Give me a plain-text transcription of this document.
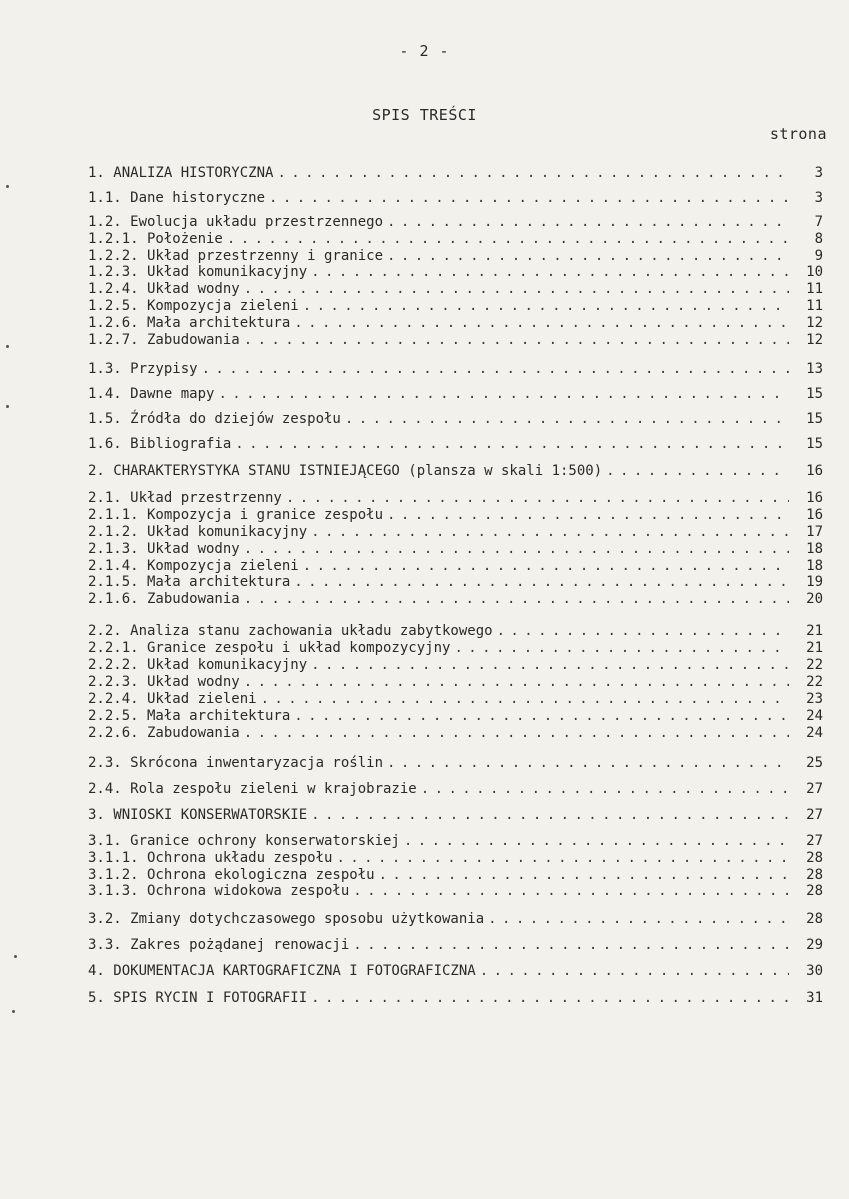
- 2 -
SPIS TREŚCI
strona
1. ANALIZA HISTORYCZNA . . .	3
1.1. Dane historyczne . . .	3
1.2. Ewolucja układu przestrzennego . . .	7
1.2.1. Położenie . . .	8
1.2.2. Układ przestrzenny i granice . . .	9
1.2.3. Układ komunikacyjny . . .	10
1.2.4. Układ wodny . . .	11
1.2.5. Kompozycja zieleni . . .	11
1.2.6. Mała architektura . . .	12
1.2.7. Zabudowania . . .	12
1.3. Przypisy . . .	13
1.4. Dawne mapy . . .	15
1.5. Źródła do dziejów zespołu . . .	15
1.6. Bibliografia . . .	15
2. CHARAKTERYSTYKA STANU ISTNIEJĄCEGO (plansza w skali 1:500) . . .	16
2.1. Układ przestrzenny . . .	16
2.1.1. Kompozycja i granice zespołu . . .	16
2.1.2. Układ komunikacyjny . . .	17
2.1.3. Układ wodny . . .	18
2.1.4. Kompozycja zieleni . . .	18
2.1.5. Mała architektura . . .	19
2.1.6. Zabudowania . . .	20
2.2. Analiza stanu zachowania układu zabytkowego . . .	21
2.2.1. Granice zespołu i układ kompozycyjny . . .	21
2.2.2. Układ komunikacyjny . . .	22
2.2.3. Układ wodny . . .	22
2.2.4. Układ zieleni . . .	23
2.2.5. Mała architektura . . .	24
2.2.6. Zabudowania . . .	24
2.3. Skrócona inwentaryzacja roślin . . .	25
2.4. Rola zespołu zieleni w krajobrazie . . .	27
3. WNIOSKI KONSERWATORSKIE . . .	27
3.1. Granice ochrony konserwatorskiej . . .	27
3.1.1. Ochrona układu zespołu . . .	28
3.1.2. Ochrona ekologiczna zespołu . . .	28
3.1.3. Ochrona widokowa zespołu . . .	28
3.2. Zmiany dotychczasowego sposobu użytkowania . . .	28
3.3. Zakres pożądanej renowacji . . .	29
4. DOKUMENTACJA KARTOGRAFICZNA I FOTOGRAFICZNA . . .	30
5. SPIS RYCIN I FOTOGRAFII . . .	31
